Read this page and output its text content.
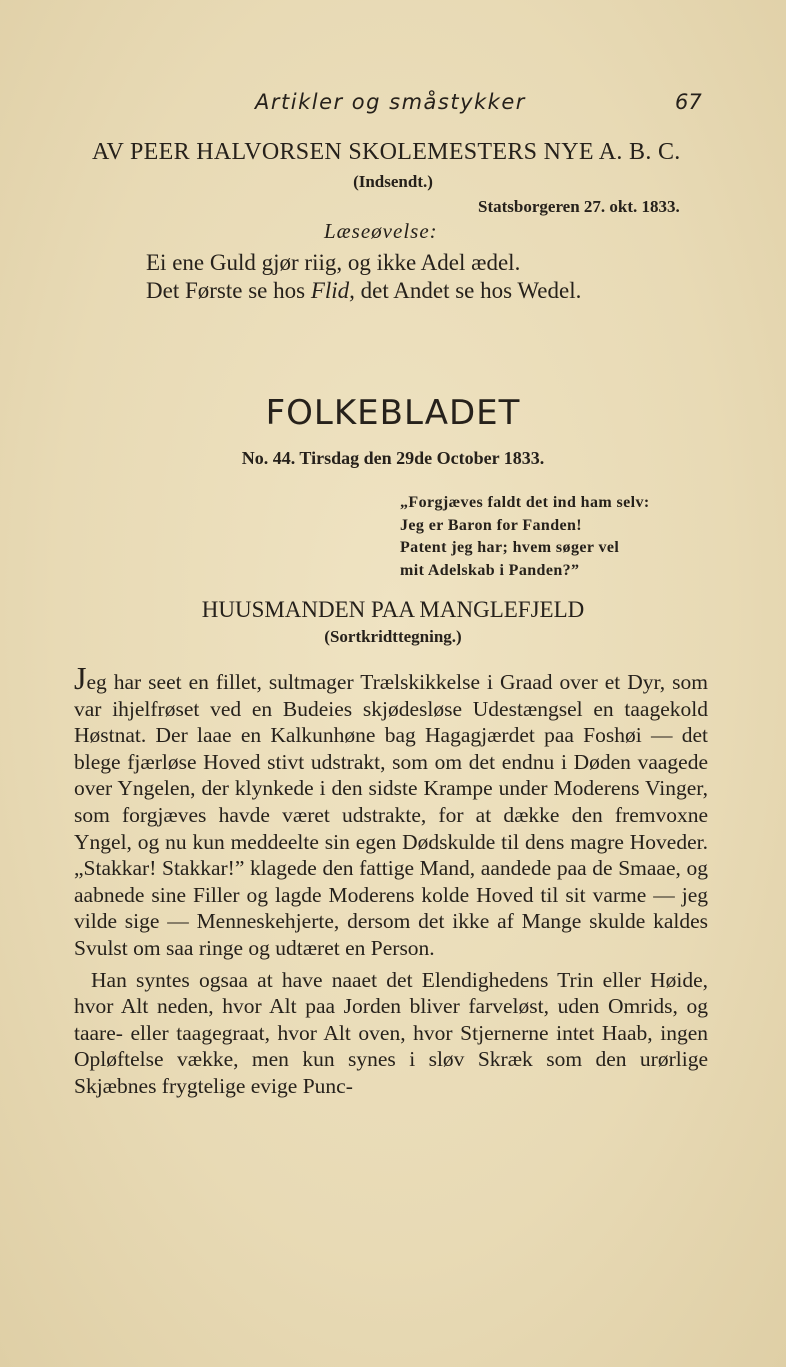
Artikler og småstykker	67
AV PEER HALVORSEN SKOLEMESTERS NYE A. B. C.
(Indsendt.)
Statsborgeren 27. okt. 1833.
Læseøvelse:
Ei ene Guld gjør riig, og ikke Adel ædel.
Det Første se hos Flid, det Andet se hos Wedel.
FOLKEBLADET
No. 44. Tirsdag den 29de October 1833.
„Forgjæves faldt det ind ham selv:
Jeg er Baron for Fanden!
Patent jeg har; hvem søger vel
mit Adelskab i Panden?”
HUUSMANDEN PAA MANGLEFJELD
(Sortkridttegning.)

Jeg har seet en fillet, sultmager Trælskikkelse i Graad over et Dyr, som var ihjelfrøset ved en Budeies skjødesløse Udestængsel en taagekold Høstnat. Der laae en Kalkunhøne bag Hagagjærdet paa Foshøi — det blege fjærløse Hoved stivt udstrakt, som om det endnu i Døden vaagede over Yngelen, der klynkede i den sidste Krampe under Moderens Vinger, som forgjæves havde været udstrakte, for at dække den fremvoxne Yngel, og nu kun meddeelte sin egen Dødskulde til dens magre Hoveder. „Stakkar! Stakkar!” klagede den fattige Mand, aandede paa de Smaae, og aabnede sine Filler og lagde Moderens kolde Hoved til sit varme — jeg vilde sige — Menneskehjerte, dersom det ikke af Mange skulde kaldes Svulst om saa ringe og udtæret en Person.

Han syntes ogsaa at have naaet det Elendighedens Trin eller Høide, hvor Alt neden, hvor Alt paa Jorden bliver farveløst, uden Omrids, og taare- eller taagegraat, hvor Alt oven, hvor Stjernerne intet Haab, ingen Opløftelse vække, men kun synes i sløv Skræk som den urørlige Skjæbnes frygtelige evige Punc-
